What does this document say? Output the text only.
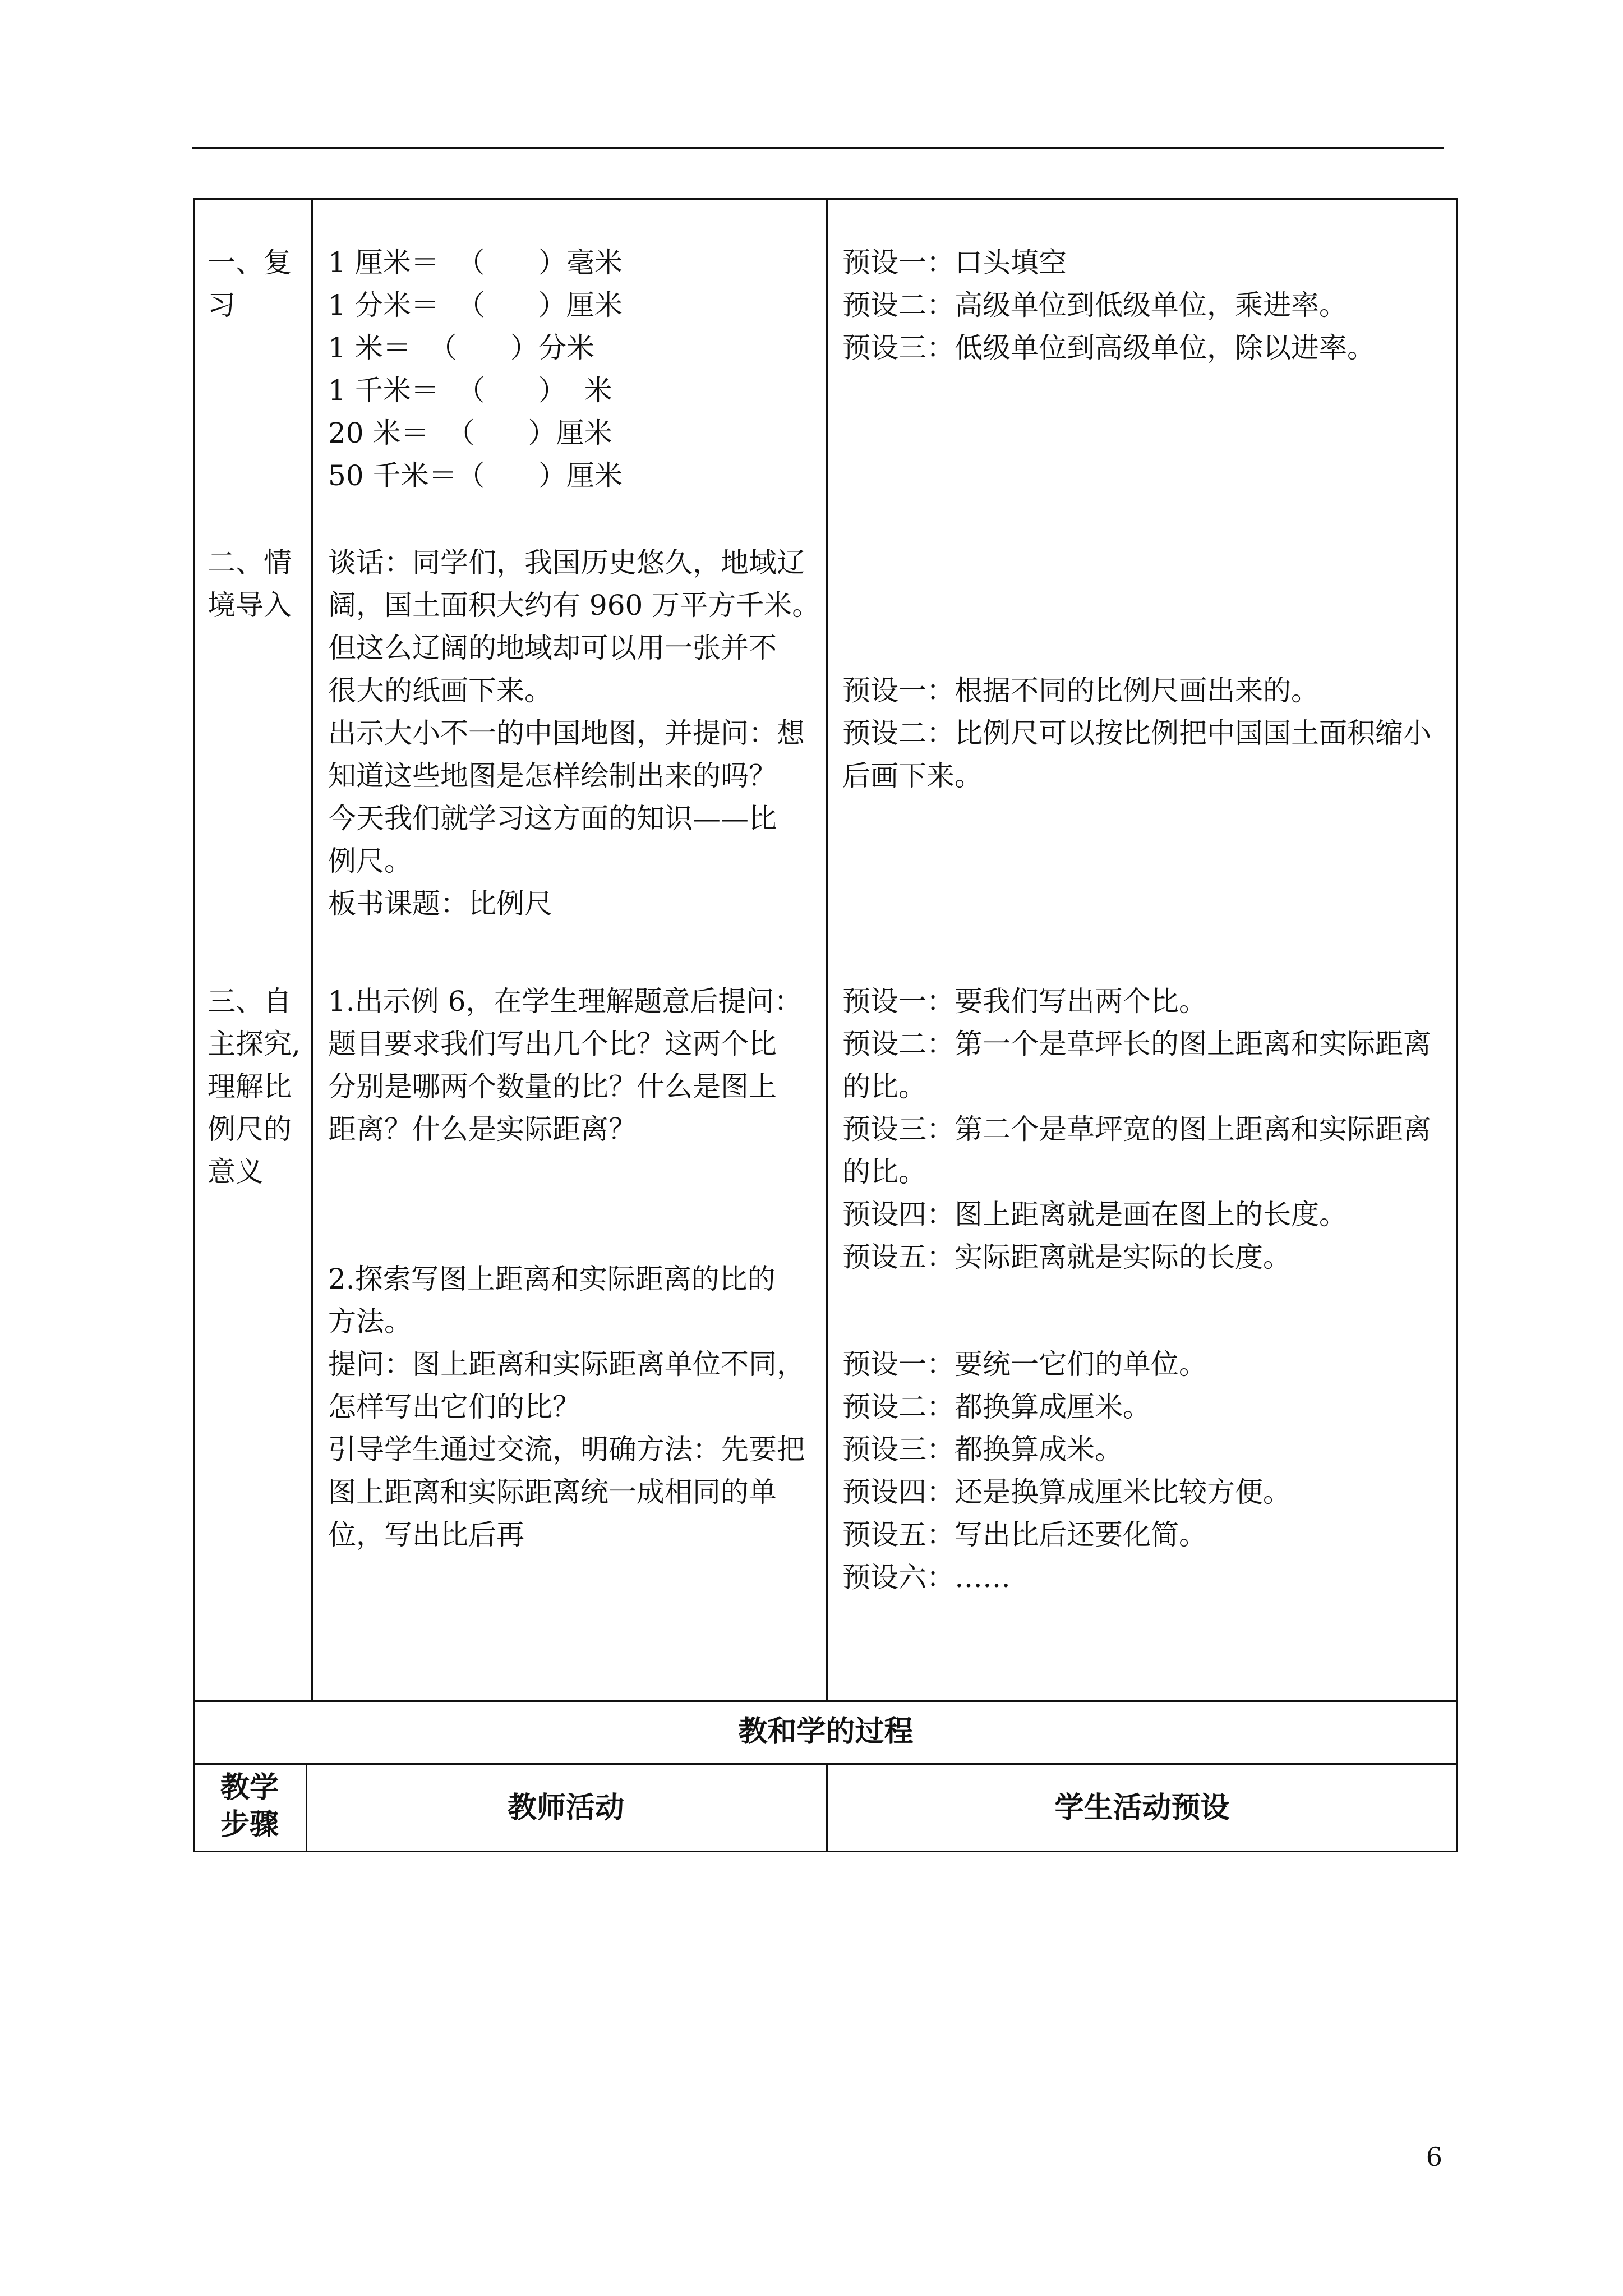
一、复
习
1 厘米＝  （      ）毫米
1 分米＝  （      ）厘米
1 米＝  （      ）分米
1 千米＝  （      ）  米
20 米＝  （      ）厘米
50 千米＝（      ）厘米
预设一：口头填空
预设二：高级单位到低级单位，乘进率。
预设三：低级单位到高级单位，除以进率。
二、情
境导入
谈话：同学们，我国历史悠久，地域辽
阔，国土面积大约有 960 万平方千米。
但这么辽阔的地域却可以用一张并不
很大的纸画下来。
出示大小不一的中国地图，并提问：想
知道这些地图是怎样绘制出来的吗？
今天我们就学习这方面的知识——比
例尺。
板书课题：比例尺
预设一：根据不同的比例尺画出来的。
预设二：比例尺可以按比例把中国国土面积缩小
后画下来。
三、自
主探究,
理解比
例尺的
意义
1.出示例 6，在学生理解题意后提问：
题目要求我们写出几个比？这两个比
分别是哪两个数量的比？什么是图上
距离？什么是实际距离？
2.探索写图上距离和实际距离的比的
方法。
提问：图上距离和实际距离单位不同，
怎样写出它们的比？
引导学生通过交流，明确方法：先要把
图上距离和实际距离统一成相同的单
位，写出比后再
预设一：要我们写出两个比。
预设二：第一个是草坪长的图上距离和实际距离
的比。
预设三：第二个是草坪宽的图上距离和实际距离
的比。
预设四：图上距离就是画在图上的长度。
预设五：实际距离就是实际的长度。
预设一：要统一它们的单位。
预设二：都换算成厘米。
预设三：都换算成米。
预设四：还是换算成厘米比较方便。
预设五：写出比后还要化简。
预设六：……
教和学的过程
教学
步骤	教师活动	学生活动预设
6
